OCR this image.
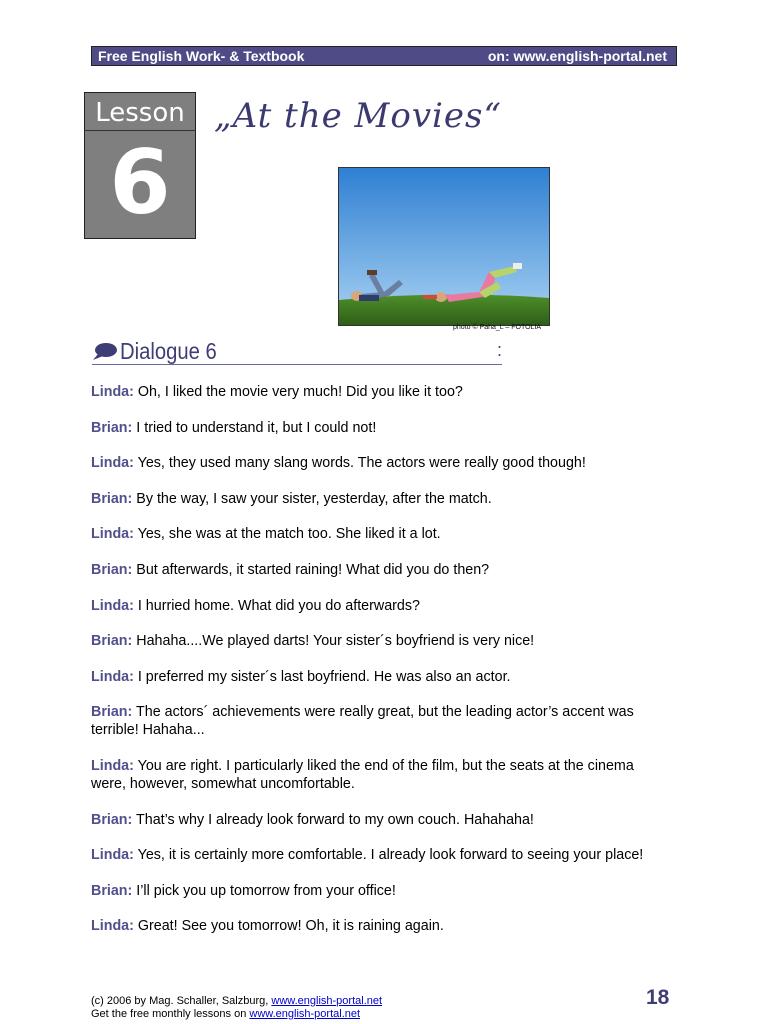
Free English Work- & Textbook	on: www.english-portal.net
Lesson
6
„At the Movies“
photo © Paha_L – FOTOLIA
Dialogue 6	:
Linda: Oh, I liked the movie very much! Did you like it too?
Brian: I tried to understand it, but I could not!
Linda: Yes, they used many slang words. The actors were really good though!
Brian: By the way, I saw your sister, yesterday, after the match.
Linda: Yes, she was at the match too. She liked it a lot.
Brian: But afterwards, it started raining! What did you do then?
Linda: I hurried home. What did you do afterwards?
Brian: Hahaha....We played darts! Your sister´s boyfriend is very nice!
Linda: I preferred my sister´s last boyfriend. He was also an actor.
Brian: The actors´ achievements were really great, but the leading actor’s accent was terrible! Hahaha...
Linda: You are right. I particularly liked the end of the film, but the seats at the cinema were, however, somewhat uncomfortable.
Brian: That’s why I already look forward to my own couch. Hahahaha!
Linda: Yes, it is certainly more comfortable. I already look forward to seeing your place!
Brian: I’ll pick you up tomorrow from your office!
Linda: Great! See you tomorrow! Oh, it is raining again.
(c) 2006 by Mag. Schaller, Salzburg, www.english-portal.net
Get the free monthly lessons on www.english-portal.net
18
